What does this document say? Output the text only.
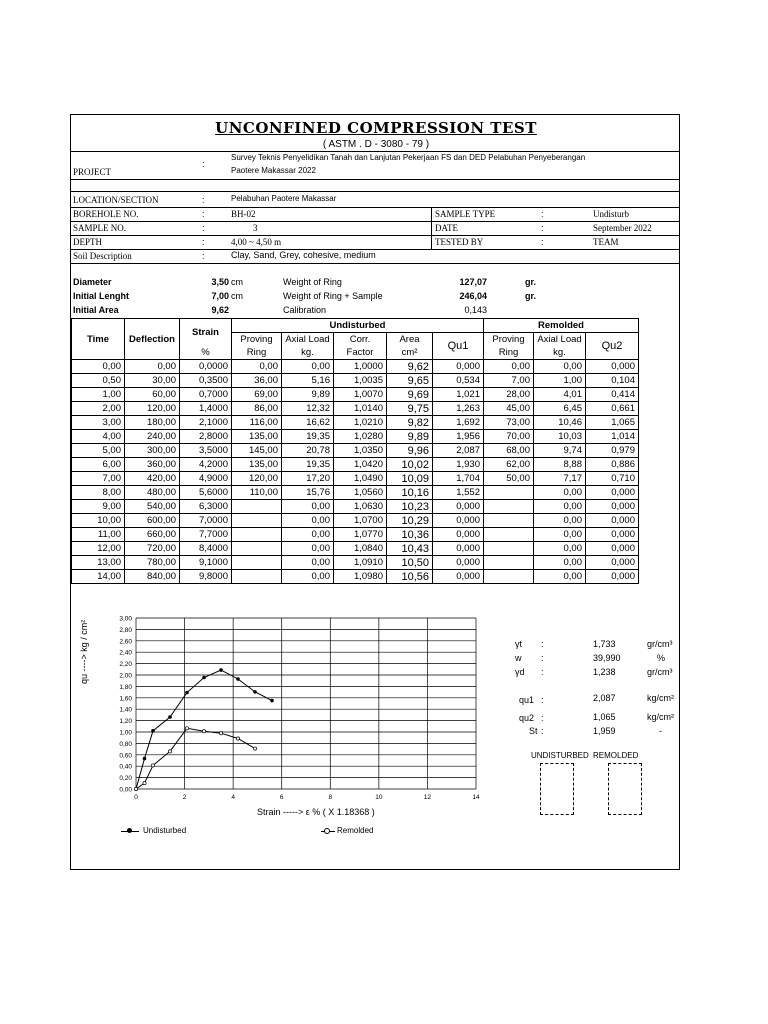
UNCONFINED COMPRESSION TEST
( ASTM . D - 3080 - 79 )
PROJECT
:
Survey Teknis Penyelidikan Tanah dan Lanjutan Pekerjaan FS dan DED Pelabuhan Penyeberangan
Paotere Makassar 2022
LOCATION/SECTION	:	Pelabuhan Paotere Makassar
BOREHOLE NO.	:	BH-02	SAMPLE TYPE	:	Undisturb
SAMPLE NO.	:	3	DATE	:	September 2022
DEPTH	:	4,00 ~ 4,50 m	TESTED BY	:	TEAM
Soil Description	:	Clay, Sand, Grey, cohesive, medium
Diameter	3,50 cm
Initial Lenght	7,00 cm
Initial Area	9,62
Weight of Ring	127,07	gr.
Weight of Ring + Sample	246,04	gr.
Calibration	0,143
Time	Deflection	Strain	Undisturbed					Remolded		
			Proving	Axial Load	Corr.	Area	Qu1	Proving	Axial Load	Qu2
		%	Ring	kg.	Factor	cm²		Ring	kg.	
0,00	0,00	0,0000	0,00	0,00	1,0000	9,62	0,000	0,00	0,00	0,000
0,50	30,00	0,3500	36,00	5,16	1,0035	9,65	0,534	7,00	1,00	0,104
1,00	60,00	0,7000	69,00	9,89	1,0070	9,69	1,021	28,00	4,01	0,414
2,00	120,00	1,4000	86,00	12,32	1,0140	9,75	1,263	45,00	6,45	0,661
3,00	180,00	2,1000	116,00	16,62	1,0210	9,82	1,692	73,00	10,46	1,065
4,00	240,00	2,8000	135,00	19,35	1,0280	9,89	1,956	70,00	10,03	1,014
5,00	300,00	3,5000	145,00	20,78	1,0350	9,96	2,087	68,00	9,74	0,979
6,00	360,00	4,2000	135,00	19,35	1,0420	10,02	1,930	62,00	8,88	0,886
7,00	420,00	4,9000	120,00	17,20	1,0490	10,09	1,704	50,00	7,17	0,710
8,00	480,00	5,6000	110,00	15,76	1,0560	10,16	1,552		0,00	0,000
9,00	540,00	6,3000		0,00	1,0630	10,23	0,000		0,00	0,000
10,00	600,00	7,0000		0,00	1,0700	10,29	0,000		0,00	0,000
11,00	660,00	7,7000		0,00	1,0770	10,36	0,000		0,00	0,000
12,00	720,00	8,4000		0,00	1,0840	10,43	0,000		0,00	0,000
13,00	780,00	9,1000		0,00	1,0910	10,50	0,000		0,00	0,000
14,00	840,00	9,8000		0,00	1,0980	10,56	0,000		0,00	0,000
0,00
0,20
0,40
0,60
0,80
1,00
1,20
1,40
1,60
1,80
2,00
2,20
2,40
2,60
2,80
3,00
0	2	4	6	8	10	12	14
qu ----> kg / cm²
Strain -----> ε % ( X 1.18368 )
Undisturbed	Remolded
γt :	1,733	gr/cm³
w :	39,990	%
γd :	1,238	gr/cm³
qu1 :	2,087	kg/cm²
qu2 :	1,065	kg/cm²
St :	1,959	-
UNDISTURBED REMOLDED
